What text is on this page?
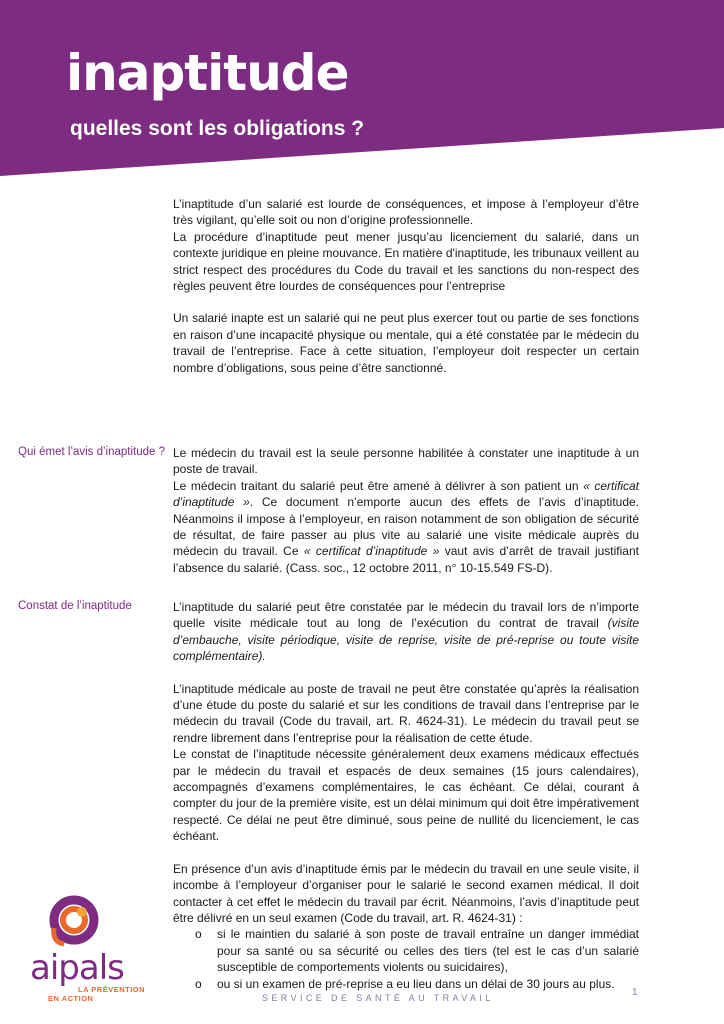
inaptitude
quelles sont les obligations ?

L’inaptitude d’un salarié est lourde de conséquences, et impose à l’employeur d’être très vigilant, qu’elle soit ou non d’origine professionnelle.

La procédure d’inaptitude peut mener jusqu’au licenciement du salarié, dans un contexte juridique en pleine mouvance. En matière d'inaptitude, les tribunaux veillent au strict respect des procédures du Code du travail et les sanctions du non-respect des règles peuvent être lourdes de conséquences pour l’entreprise

Un salarié inapte est un salarié qui ne peut plus exercer tout ou partie de ses fonctions en raison d’une incapacité physique ou mentale, qui a été constatée par le médecin du travail de l’entreprise. Face à cette situation, l’employeur doit respecter un certain nombre d’obligations, sous peine d’être sanctionné.

Qui émet l’avis d’inaptitude ? Le médecin du travail est la seule personne habilitée à constater une inaptitude à un poste de travail.

Le médecin traitant du salarié peut être amené à délivrer à son patient un « certificat d’inaptitude ». Ce document n’emporte aucun des effets de l’avis d’inaptitude. Néanmoins il impose à l’employeur, en raison notamment de son obligation de sécurité de résultat, de faire passer au plus vite au salarié une visite médicale auprès du médecin du travail. Ce « certificat d’inaptitude » vaut avis d’arrêt de travail justifiant l’absence du salarié. (Cass. soc., 12 octobre 2011, n° 10-15.549 FS-D).

Constat de l’inaptitude	L’inaptitude du salarié peut être constatée par le médecin du travail lors de n’importe quelle visite médicale tout au long de l’exécution du contrat de travail (visite d’embauche, visite périodique, visite de reprise, visite de pré-reprise ou toute visite complémentaire).

L’inaptitude médicale au poste de travail ne peut être constatée qu’après la réalisation d’une étude du poste du salarié et sur les conditions de travail dans l’entreprise par le médecin du travail (Code du travail, art. R. 4624-31). Le médecin du travail peut se rendre librement dans l’entreprise pour la réalisation de cette étude.

Le constat de l’inaptitude nécessite généralement deux examens médicaux effectués par le médecin du travail et espacés de deux semaines (15 jours calendaires), accompagnés d’examens complémentaires, le cas échéant. Ce délai, courant à compter du jour de la première visite, est un délai minimum qui doit être impérativement respecté. Ce délai ne peut être diminué, sous peine de nullité du licenciement, le cas échéant.

En présence d’un avis d’inaptitude émis par le médecin du travail en une seule visite, il incombe à l’employeur d’organiser pour le salarié le second examen médical. Il doit contacter à cet effet le médecin du travail par écrit. Néanmoins, l’avis d’inaptitude peut être délivré en un seul examen (Code du travail, art. R. 4624-31) :

o si le maintien du salarié à son poste de travail entraîne un danger immédiat pour sa santé ou sa sécurité ou celles des tiers (tel est le cas d’un salarié susceptible de comportements violents ou suicidaires),
o ou si un examen de pré-reprise a eu lieu dans un délai de 30 jours au plus.

aipals

LA PRÉVENTION

EN ACTION	SERVICE DE SANTÉ AU TRAVAIL	1
